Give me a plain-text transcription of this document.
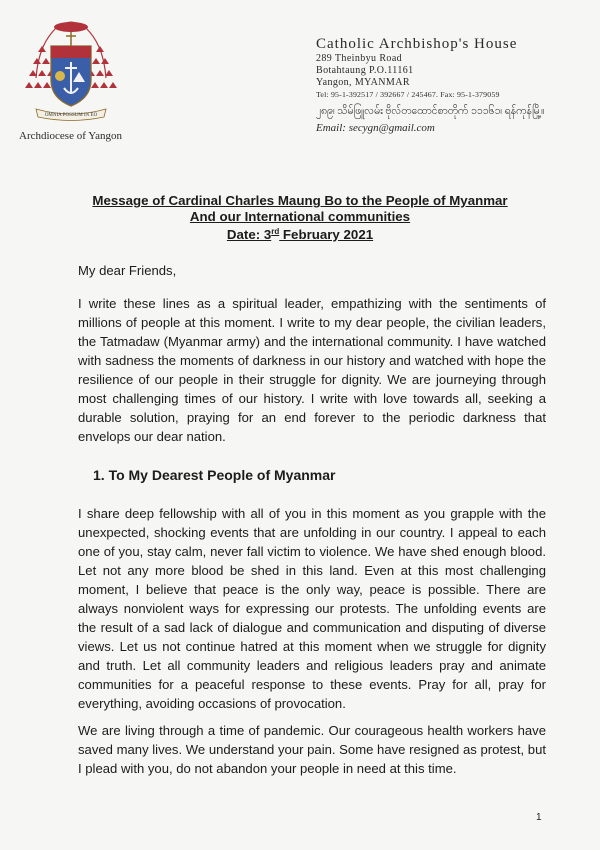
OMNIA POSSUM IN EO
Archdiocese of Yangon
Catholic Archbishop's House
289 Theinbyu Road
Botahtaung P.O.11161
Yangon, MYANMAR
Tel: 95-1-392517 / 392667 / 245467. Fax: 95-1-379059
၂၈၉၊ သိမ်ဖြူလမ်း ဗိုလ်တထောင်စာတိုက် ၁၁၁၆၁၊ ရန်ကုန်မြို့။
Email: secygn@gmail.com
Message of Cardinal Charles Maung Bo to the People of Myanmar
And our International communities
Date: 3rd February 2021
My dear Friends,
I write these lines as a spiritual leader, empathizing with the sentiments of millions of people at this moment. I write to my dear people, the civilian leaders, the Tatmadaw (Myanmar army) and the international community. I have watched with sadness the moments of darkness in our history and watched with hope the resilience of our people in their struggle for dignity. We are journeying through most challenging times of our history. I write with love towards all, seeking a durable solution, praying for an end forever to the periodic darkness that envelops our dear nation.
1. To My Dearest People of Myanmar
I share deep fellowship with all of you in this moment as you grapple with the unexpected, shocking events that are unfolding in our country. I appeal to each one of you, stay calm, never fall victim to violence. We have shed enough blood. Let not any more blood be shed in this land. Even at this most challenging moment, I believe that peace is the only way, peace is possible. There are always nonviolent ways for expressing our protests. The unfolding events are the result of a sad lack of dialogue and communication and disputing of diverse views. Let us not continue hatred at this moment when we struggle for dignity and truth. Let all community leaders and religious leaders pray and animate communities for a peaceful response to these events. Pray for all, pray for everything, avoiding occasions of provocation.
We are living through a time of pandemic. Our courageous health workers have saved many lives. We understand your pain. Some have resigned as protest, but I plead with you, do not abandon your people in need at this time.
1
